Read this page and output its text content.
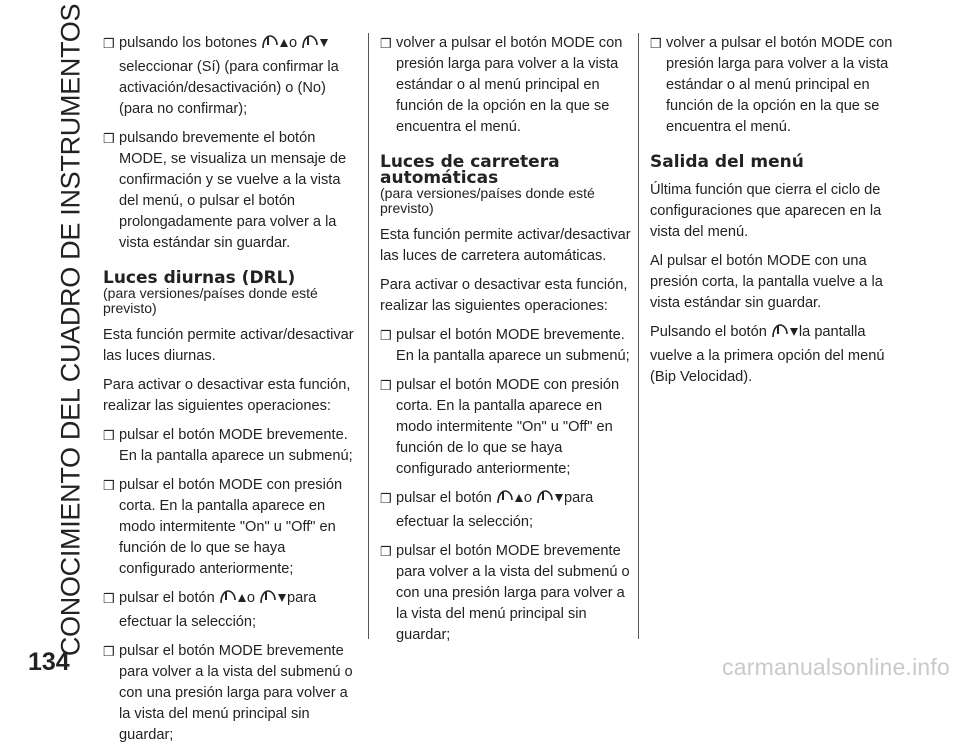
CONOCIMIENTO DEL CUADRO DE INSTRUMENTOS
134	carmanualsonline.info
❒ pulsando los botones o seleccionar (Sí) (para confirmar la activación/desactivación) o (No) (para no confirmar);
❒ pulsando brevemente el botón MODE, se visualiza un mensaje de confirmación y se vuelve a la vista del menú, o pulsar el botón prolongadamente para volver a la vista estándar sin guardar.
Luces diurnas (DRL)
(para versiones/países donde esté previsto)
Esta función permite activar/desactivar las luces diurnas.
Para activar o desactivar esta función, realizar las siguientes operaciones:
❒ pulsar el botón MODE brevemente. En la pantalla aparece un submenú;
❒ pulsar el botón MODE con presión corta. En la pantalla aparece en modo intermitente "On" u "Off" en función de lo que se haya configurado anteriormente;
❒ pulsar el botón o para efectuar la selección;
❒ pulsar el botón MODE brevemente para volver a la vista del submenú o con una presión larga para volver a la vista del menú principal sin guardar;
❒ volver a pulsar el botón MODE con presión larga para volver a la vista estándar o al menú principal en función de la opción en la que se encuentra el menú.
Luces de carretera automáticas
(para versiones/países donde esté previsto)
Esta función permite activar/desactivar las luces de carretera automáticas.
Para activar o desactivar esta función, realizar las siguientes operaciones:
❒ pulsar el botón MODE brevemente. En la pantalla aparece un submenú;
❒ pulsar el botón MODE con presión corta. En la pantalla aparece en modo intermitente "On" u "Off" en función de lo que se haya configurado anteriormente;
❒ pulsar el botón o para efectuar la selección;
❒ pulsar el botón MODE brevemente para volver a la vista del submenú o con una presión larga para volver a la vista del menú principal sin guardar;
❒ volver a pulsar el botón MODE con presión larga para volver a la vista estándar o al menú principal en función de la opción en la que se encuentra el menú.
Salida del menú
Última función que cierra el ciclo de configuraciones que aparecen en la vista del menú.
Al pulsar el botón MODE con una presión corta, la pantalla vuelve a la vista estándar sin guardar.
Pulsando el botón la pantalla vuelve a la primera opción del menú (Bip Velocidad).
